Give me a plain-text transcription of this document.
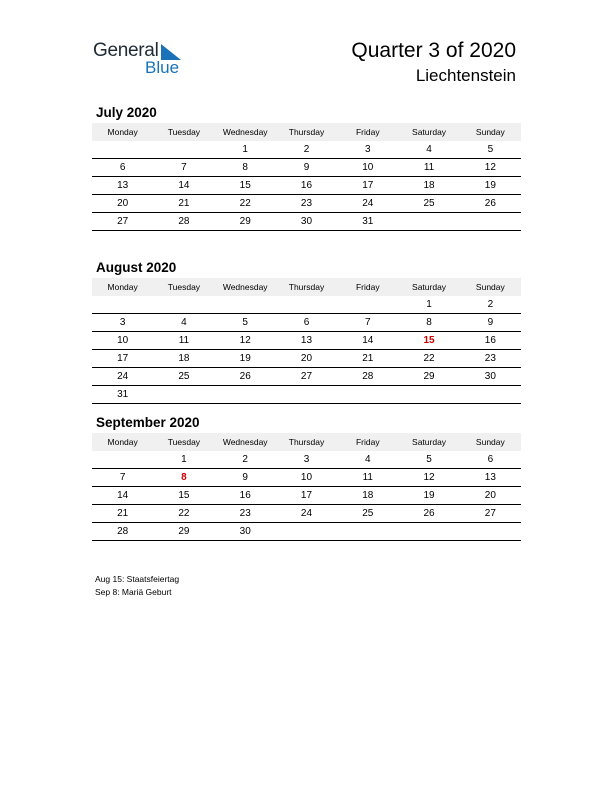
General
Blue
Quarter 3 of 2020
Liechtenstein
July 2020
Monday	Tuesday	Wednesday	Thursday	Friday	Saturday	Sunday
		1	2	3	4	5
6	7	8	9	10	11	12
13	14	15	16	17	18	19
20	21	22	23	24	25	26
27	28	29	30	31		
August 2020
Monday	Tuesday	Wednesday	Thursday	Friday	Saturday	Sunday
					1	2
3	4	5	6	7	8	9
10	11	12	13	14	15	16
17	18	19	20	21	22	23
24	25	26	27	28	29	30
31						
September 2020
Monday	Tuesday	Wednesday	Thursday	Friday	Saturday	Sunday
	1	2	3	4	5	6
7	8	9	10	11	12	13
14	15	16	17	18	19	20
21	22	23	24	25	26	27
28	29	30				
Aug 15: Staatsfeiertag
Sep 8: Mariä Geburt
